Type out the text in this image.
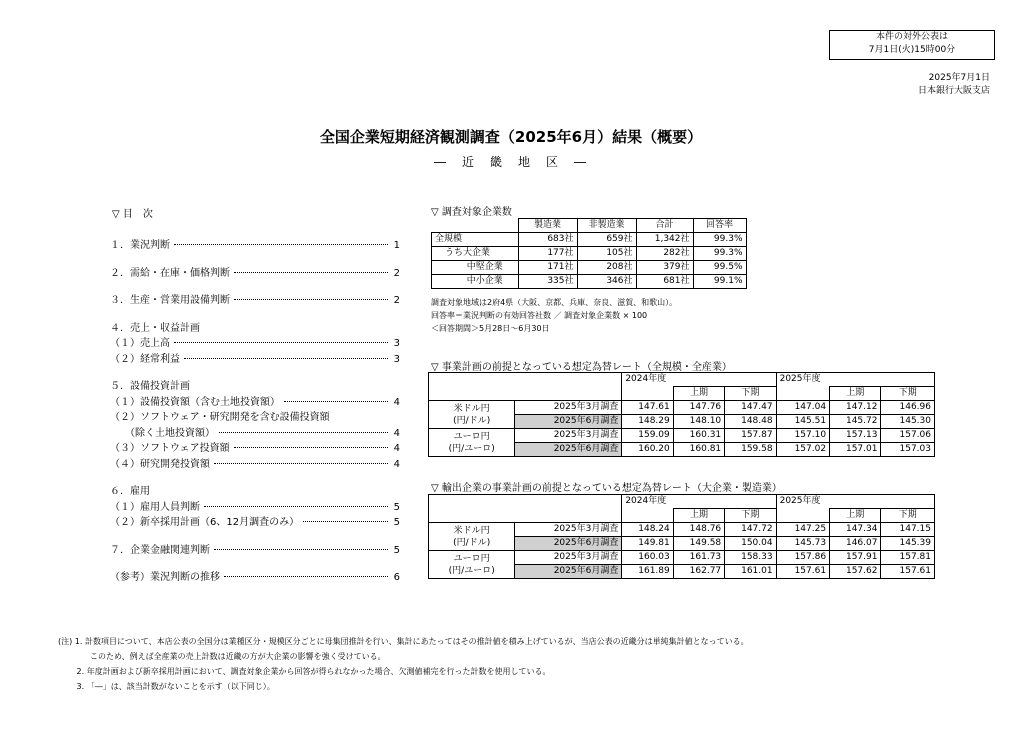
本件の対外公表は
7月1日(火)15時00分
2025年7月1日
日本銀行大阪支店
全国企業短期経済観測調査（2025年6月）結果（概要）
―　近　畿　地　区　―
▽ 目　次
１．業況判断	1
２．需給・在庫・価格判断	2
３．生産・営業用設備判断	2
４．売上・収益計画
（１）売上高	3
（２）経常利益	3
５．設備投資計画
（１）設備投資額（含む土地投資額）	4
（２）ソフトウェア・研究開発を含む設備投資額
　　（除く土地投資額）	4
（３）ソフトウェア投資額	4
（４）研究開発投資額	4
６．雇用
（１）雇用人員判断	5
（２）新卒採用計画（6、12月調査のみ）	5
７．企業金融関連判断	5
（参考）業況判断の推移	6
▽ 調査対象企業数
	製造業	非製造業	合計	回答率
全規模	683社	659社	1,342社	99.3%
うち大企業	177社	105社	282社	99.3%
中堅企業	171社	208社	379社	99.5%
中小企業	335社	346社	681社	99.1%
調査対象地域は2府4県（大阪、京都、兵庫、奈良、滋賀、和歌山）。
回答率＝業況判断の有効回答社数 ／ 調査対象企業数 × 100
＜回答期間＞5月28日～6月30日
▽ 事業計画の前提となっている想定為替レート（全規模・全産業）
		2024年度			2025年度		
			上期	下期		上期	下期

米ドル円
(円/ドル)	2025年3月調査	147.61	147.76	147.47	147.04	147.12	146.96
	2025年6月調査	148.29	148.10	148.48	145.51	145.72	145.30

ユーロ円
(円/ユーロ)	2025年3月調査	159.09	160.31	157.87	157.10	157.13	157.06
	2025年6月調査	160.20	160.81	159.58	157.02	157.01	157.03
▽ 輸出企業の事業計画の前提となっている想定為替レート（大企業・製造業）
		2024年度			2025年度		
			上期	下期		上期	下期

米ドル円
(円/ドル)	2025年3月調査	148.24	148.76	147.72	147.25	147.34	147.15
	2025年6月調査	149.81	149.58	150.04	145.73	146.07	145.39

ユーロ円
(円/ユーロ)	2025年3月調査	160.03	161.73	158.33	157.86	157.91	157.81
	2025年6月調査	161.89	162.77	161.01	157.61	157.62	157.61
(注) 1. 計数項目について、本店公表の全国分は業種区分・規模区分ごとに母集団推計を行い、集計にあたってはその推計値を積み上げているが、当店公表の近畿分は単純集計値となっている。
　　　　このため、例えば全産業の売上計数は近畿の方が大企業の影響を強く受けている。
　　 2. 年度計画および新卒採用計画において、調査対象企業から回答が得られなかった場合、欠測値補完を行った計数を使用している。
　　 3. 「―」は、該当計数がないことを示す（以下同じ）。
